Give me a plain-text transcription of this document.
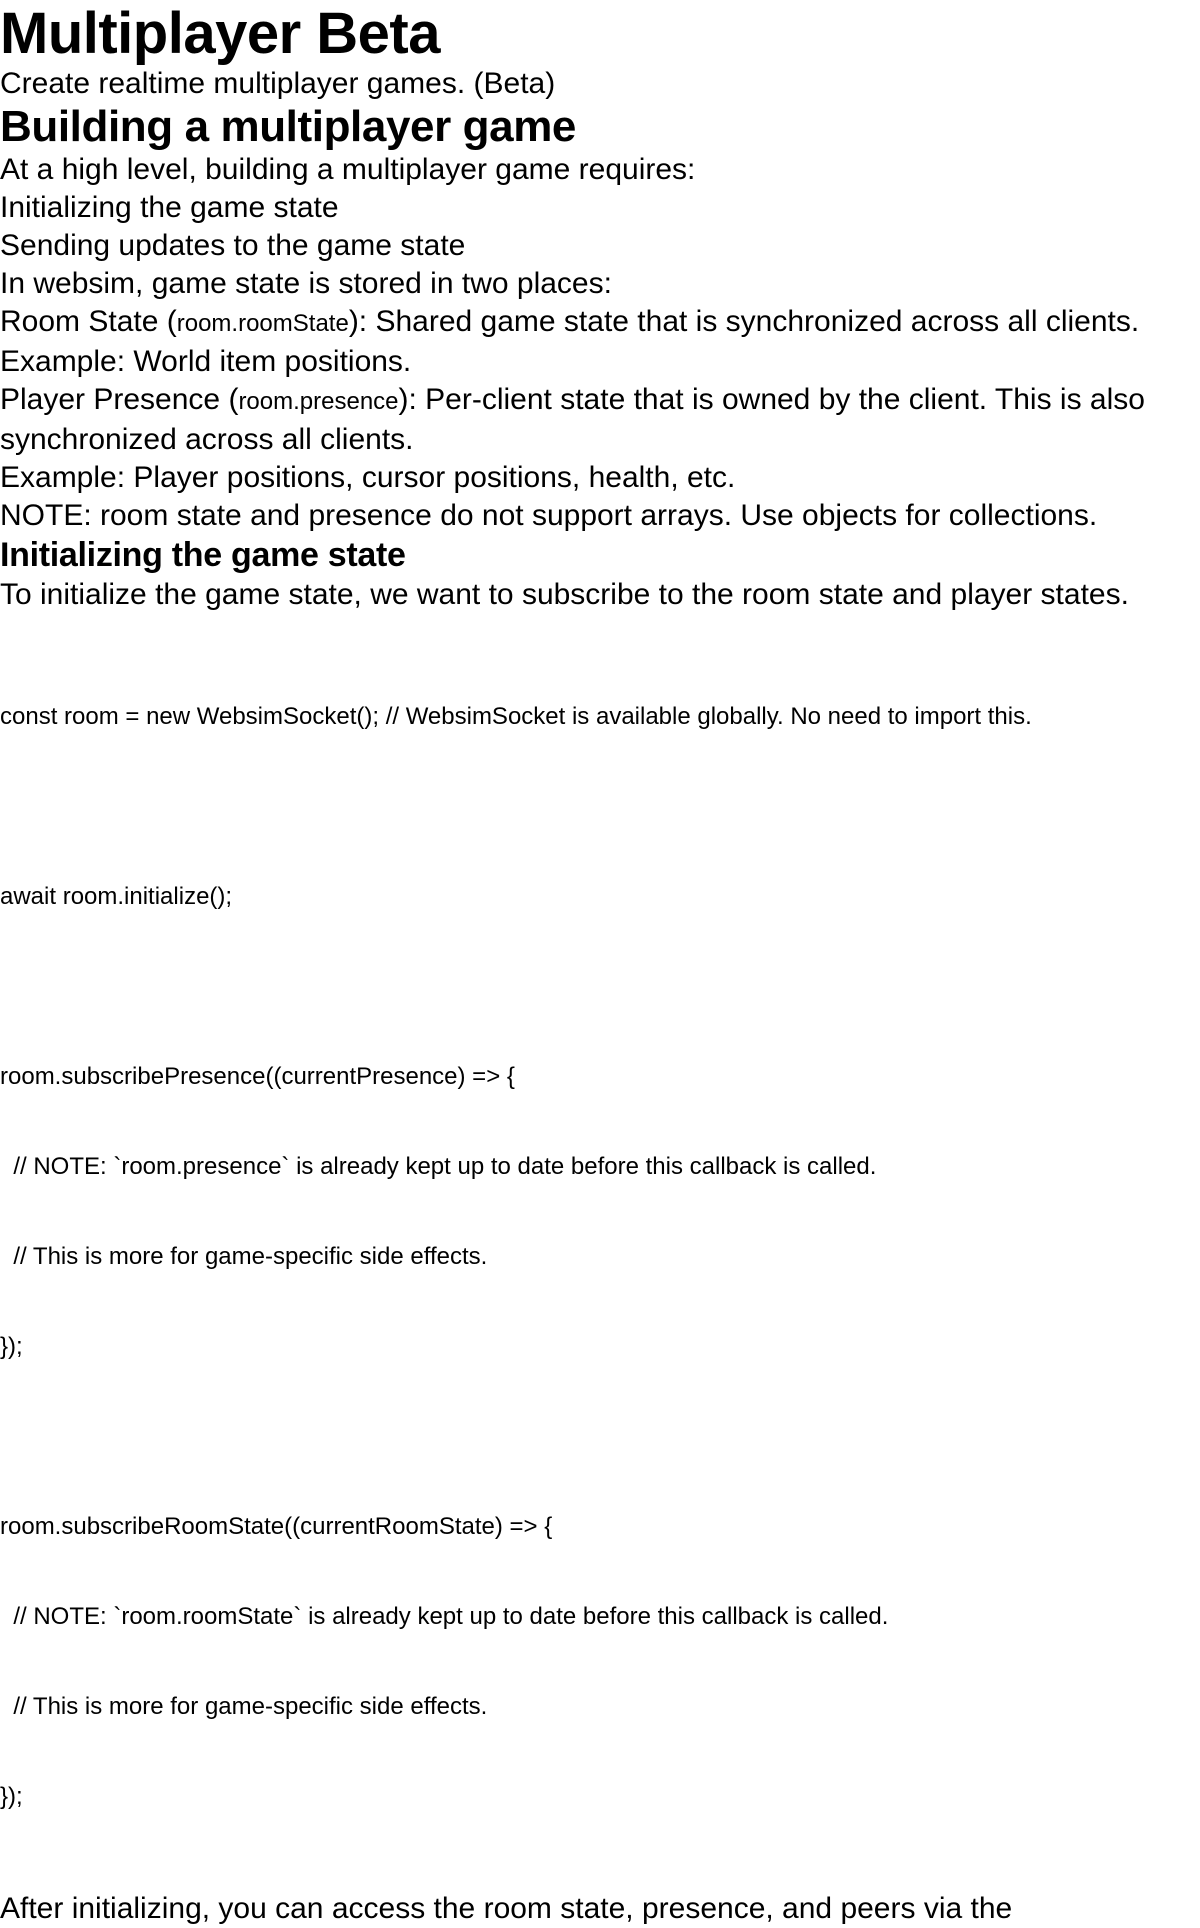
Multiplayer Beta

Create realtime multiplayer games. (Beta)

Building a multiplayer game

At a high level, building a multiplayer game requires:

Initializing the game state

Sending updates to the game state

In websim, game state is stored in two places:

Room State (room.roomState): Shared game state that is synchronized across all clients.

Example: World item positions.

Player Presence (room.presence): Per-client state that is owned by the client. This is also synchronized across all clients.

Example: Player positions, cursor positions, health, etc.

NOTE: room state and presence do not support arrays. Use objects for collections.

Initializing the game state

To initialize the game state, we want to subscribe to the room state and player states.

const room = new WebsimSocket(); // WebsimSocket is available globally. No need to import this.

await room.initialize();

room.subscribePresence((currentPresence) => {

// NOTE: `room.presence` is already kept up to date before this callback is called.

// This is more for game-specific side effects.

});

room.subscribeRoomState((currentRoomState) => {

// NOTE: `room.roomState` is already kept up to date before this callback is called.

// This is more for game-specific side effects.

});

After initializing, you can access the room state, presence, and peers via the
